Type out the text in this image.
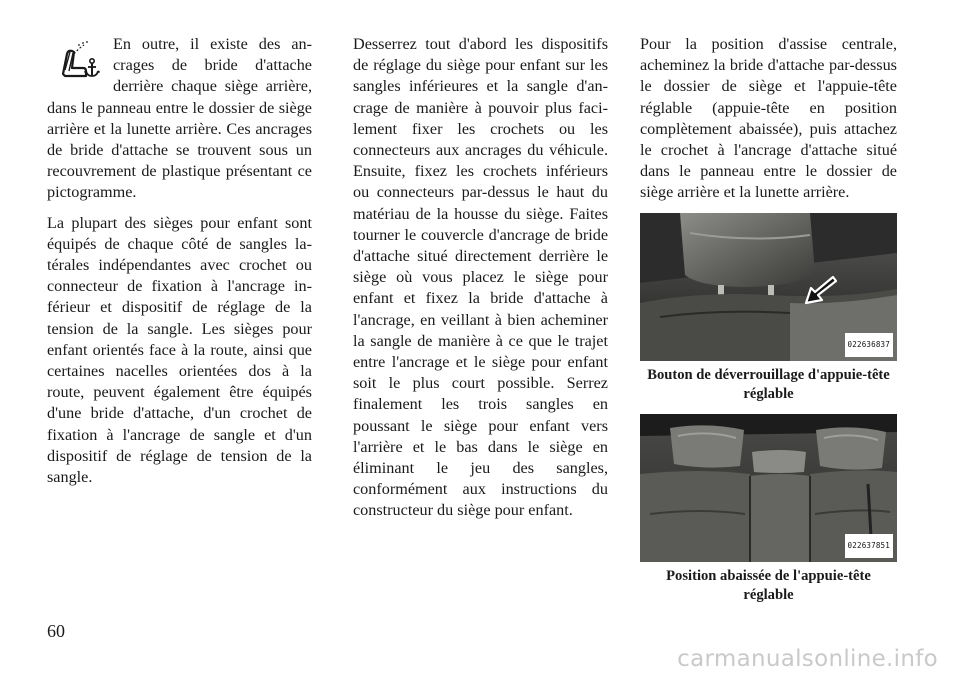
En outre, il existe des ancrages de bride d'attache derrière chaque siège arrière, dans le panneau entre le dossier de siège arrière et la lunette arrière. Ces ancrages de bride d'attache se trouvent sous un recouvrement de plastique présentant ce pictogramme.

La plupart des sièges pour enfant sont équipés de chaque côté de sangles latérales indépendantes avec crochet ou connecteur de fixation à l'ancrage inférieur et dispositif de réglage de la tension de la sangle. Les sièges pour enfant orientés face à la route, ainsi que certaines nacelles orientées dos à la route, peuvent également être équipés d'une bride d'attache, d'un crochet de fixation à l'ancrage de sangle et d'un dispositif de réglage de tension de la sangle.

Desserrez tout d'abord les dispositifs de réglage du siège pour enfant sur les sangles inférieures et la sangle d'ancrage de manière à pouvoir plus facilement fixer les crochets ou les connecteurs aux ancrages du véhicule. Ensuite, fixez les crochets inférieurs ou connecteurs par-dessus le haut du matériau de la housse du siège. Faites tourner le couvercle d'ancrage de bride d'attache situé directement derrière le siège où vous placez le siège pour enfant et fixez la bride d'attache à l'ancrage, en veillant à bien acheminer la sangle de manière à ce que le trajet entre l'ancrage et le siège pour enfant soit le plus court possible. Serrez finalement les trois sangles en poussant le siège pour enfant vers l'arrière et le bas dans le siège en éliminant le jeu des sangles, conformément aux instructions du constructeur du siège pour enfant.

Pour la position d'assise centrale, acheminez la bride d'attache par-dessus le dossier de siège et l'appuie-tête réglable (appuie-tête en position complètement abaissée), puis attachez le crochet à l'ancrage d'attache situé dans le panneau entre le dossier de siège arrière et la lunette arrière.

022636837
Bouton de déverrouillage d'appuie-tête réglable
022637851
Position abaissée de l'appuie-tête réglable
60
carmanualsonline.info
